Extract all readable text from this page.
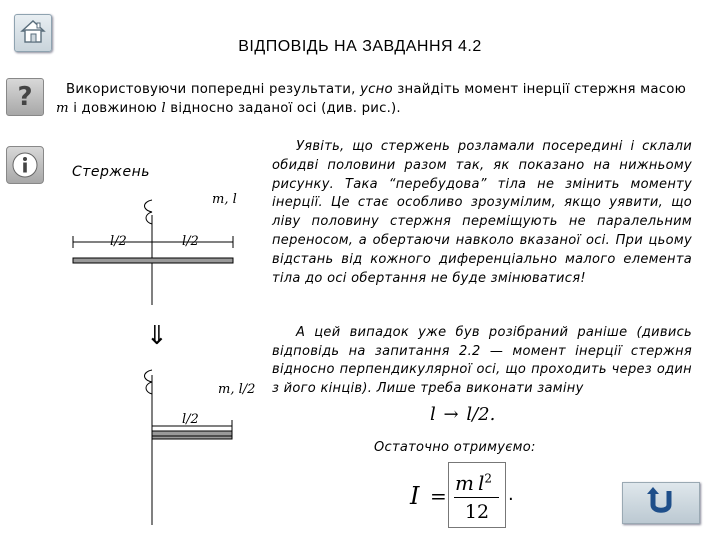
ВІДПОВІДЬ НА ЗАВДАННЯ 4.2
?	Використовуючи попередні результати, усно знайдіть момент інерції стержня масою m і довжиною l відносно заданої осі (див. рис.).
Стержень
m, l
l/2	l/2
⇓
m, l/2
l/2
Уявіть, що стержень розламали посередині і склали обидві половини разом так, як показано на нижньому рисунку. Така “перебудова” тіла не змінить моменту інерції. Це стає особливо зрозумілим, якщо уявити, що ліву половину стержня переміщують не паралельним переносом, а обертаючи навколо вказаної осі. При цьому відстань від кожного диференціально малого елемента тіла до осі обертання не буде змінюватися!
А цей випадок уже був розібраний раніше (дивись відповідь на запитання 2.2 — момент інерції стержня відносно перпендикулярної осі, що проходить через один з його кінців). Лише треба виконати заміну
l → l/2.
Остаточно отримуємо:
I =
m  $l^2$
12
.
